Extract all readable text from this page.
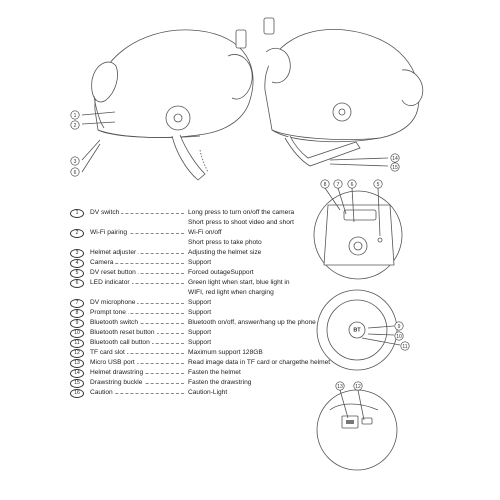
1
2
3
6
14
15
8 7 6	5
9
10
11
BT
13 12
1	DV switch	Long press to turn on/off the camera
Short press to shoot video and short
2	Wi-Fi pairing	Wi-Fi on/off
Short press to take photo
3	Helmet adjuster	Adjusting the helmet size
4	Camera	Support
5	DV reset button	Forced outageSupport
6	LED indicator	Green light when start, blue light in
WIFI, red light when charging
7	DV microphone	Support
8	Prompt tone	Support
9	Bluetooth switch	Bluetooth on/off, answer/hang up the phone
10	Bluetooth reset button	Support
11	Bluetooth call button	Support
12	TF card slot	Maximum support 128GB
13	Micro USB port	Read image data in TF card or chargethe helmet
14	Helmet drawstring	Fasten the helmet
15	Drawstring buckle	Fasten the drawstring
16	Caution	Caution-Light
